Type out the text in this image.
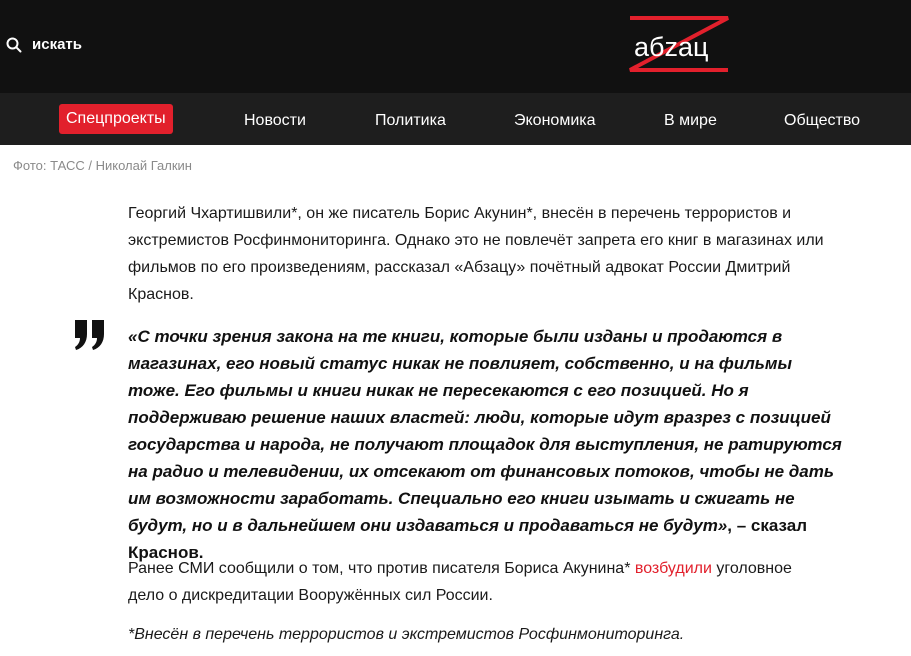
искать	абzац
Спецпроекты	Новости	Политика	Экономика	В мире	Общество
Фото: ТАСС / Николай Галкин

Георгий Чхартишвили*, он же писатель Борис Акунин*, внесён в перечень террористов и экстремистов Росфинмониторинга. Однако это не повлечёт запрета его книг в магазинах или фильмов по его произведениям, рассказал «Абзацу» почётный адвокат России Дмитрий Краснов.

«С точки зрения закона на те книги, которые были изданы и продаются в магазинах, его новый статус никак не повлияет, собственно, и на фильмы тоже. Его фильмы и книги никак не пересекаются с его позицией. Но я поддерживаю решение наших властей: люди, которые идут вразрез с позицией государства и народа, не получают площадок для выступления, не ратируются на радио и телевидении, их отсекают от финансовых потоков, чтобы не дать им возможности заработать. Специально его книги изымать и сжигать не будут, но и в дальнейшем они издаваться и продаваться не будут», – сказал Краснов.

Ранее СМИ сообщили о том, что против писателя Бориса Акунина* возбудили уголовное дело о дискредитации Вооружённых сил России.

*Внесён в перечень террористов и экстремистов Росфинмониторинга.
